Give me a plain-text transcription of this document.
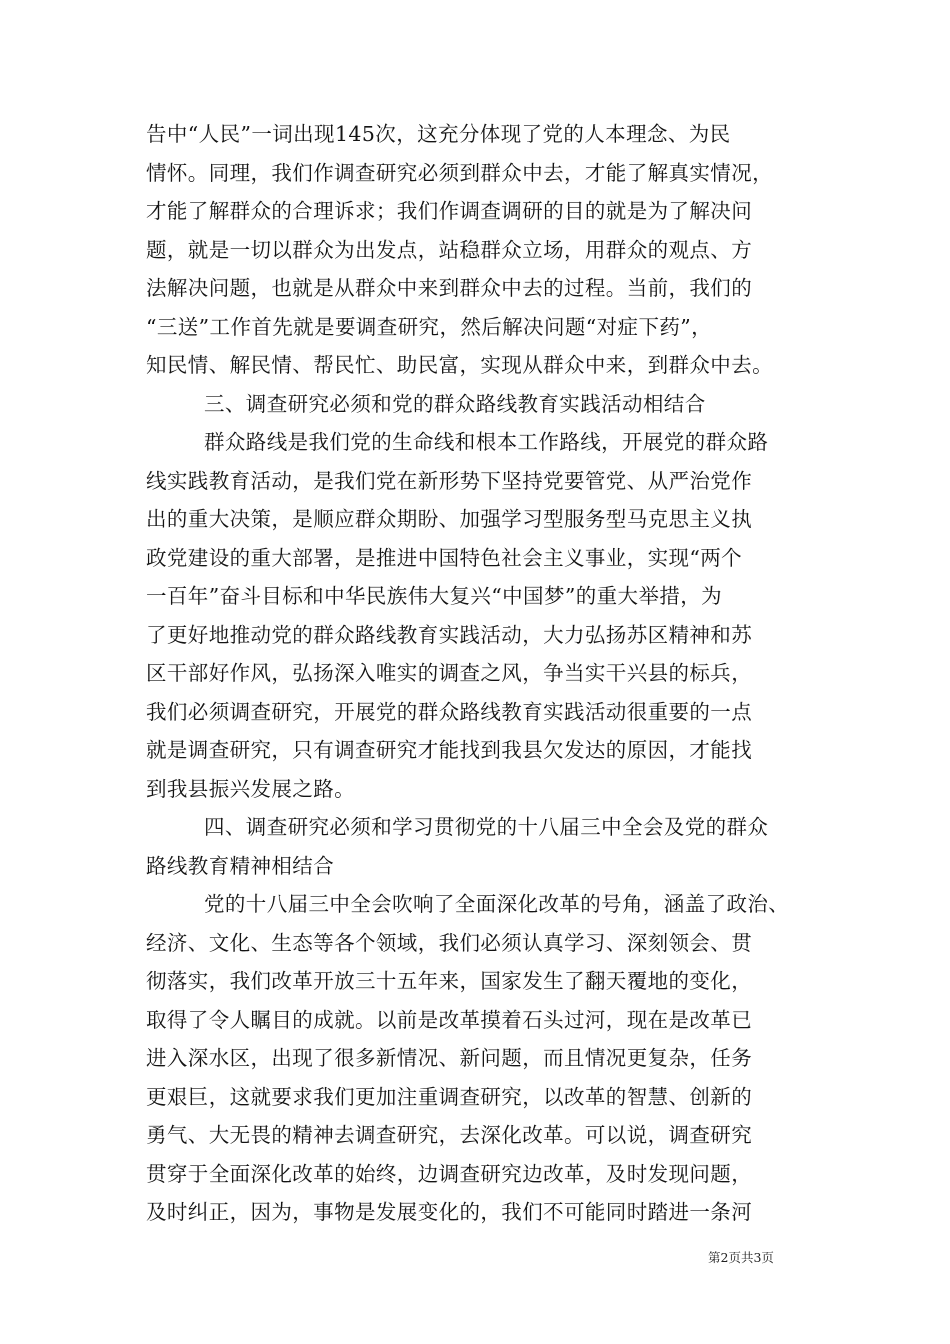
告中“人民”一词出现145次，这充分体现了党的人本理念、为民
情怀。同理，我们作调查研究必须到群众中去，才能了解真实情况，
才能了解群众的合理诉求；我们作调查调研的目的就是为了解决问
题，就是一切以群众为出发点，站稳群众立场，用群众的观点、方
法解决问题，也就是从群众中来到群众中去的过程。当前，我们的
“三送”工作首先就是要调查研究，然后解决问题“对症下药”，
知民情、解民情、帮民忙、助民富，实现从群众中来，到群众中去。
三、调查研究必须和党的群众路线教育实践活动相结合
群众路线是我们党的生命线和根本工作路线，开展党的群众路
线实践教育活动，是我们党在新形势下坚持党要管党、从严治党作
出的重大决策，是顺应群众期盼、加强学习型服务型马克思主义执
政党建设的重大部署，是推进中国特色社会主义事业，实现“两个
一百年”奋斗目标和中华民族伟大复兴“中国梦”的重大举措，为
了更好地推动党的群众路线教育实践活动，大力弘扬苏区精神和苏
区干部好作风，弘扬深入唯实的调查之风，争当实干兴县的标兵，
我们必须调查研究，开展党的群众路线教育实践活动很重要的一点
就是调查研究，只有调查研究才能找到我县欠发达的原因，才能找
到我县振兴发展之路。
四、调查研究必须和学习贯彻党的十八届三中全会及党的群众
路线教育精神相结合
党的十八届三中全会吹响了全面深化改革的号角，涵盖了政治、
经济、文化、生态等各个领域，我们必须认真学习、深刻领会、贯
彻落实，我们改革开放三十五年来，国家发生了翻天覆地的变化，
取得了令人瞩目的成就。以前是改革摸着石头过河，现在是改革已
进入深水区，出现了很多新情况、新问题，而且情况更复杂，任务
更艰巨，这就要求我们更加注重调查研究，以改革的智慧、创新的
勇气、大无畏的精神去调查研究，去深化改革。可以说，调查研究
贯穿于全面深化改革的始终，边调查研究边改革，及时发现问题，
及时纠正，因为，事物是发展变化的，我们不可能同时踏进一条河
第2页共3页
